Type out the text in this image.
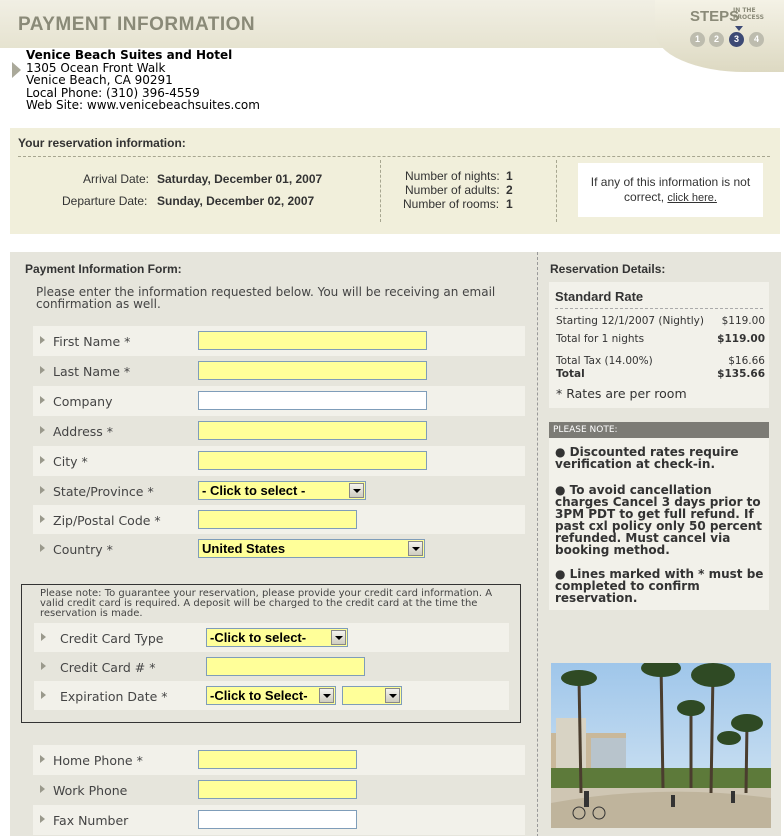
PAYMENT INFORMATION	STEPS
IN THE PROCESS
1	2	3	4
Venice Beach Suites and Hotel
1305 Ocean Front Walk
Venice Beach, CA 90291
Local Phone: (310) 396-4559
Web Site: www.venicebeachsuites.com
Your reservation information:
Arrival Date: Saturday, December 01, 2007
Departure Date: Sunday, December 02, 2007
Number of nights: 1
Number of adults: 2
Number of rooms: 1
If any of this information is not correct, click here.
Payment Information Form:
Please enter the information requested below. You will be receiving an email confirmation as well.
First Name *
Last Name *
Company
Address *
City *
State/Province *	- Click to select -
Zip/Postal Code *
Country *	United States
Please note: To guarantee your reservation, please provide your credit card information. A valid credit card is required. A deposit will be charged to the credit card at the time the reservation is made.
Credit Card Type	-Click to select-
Credit Card # *
Expiration Date *	-Click to Select-
Home Phone *
Work Phone
Fax Number
Reservation Details:
Standard Rate
Starting 12/1/2007 (Nightly) $119.00
Total for 1 nights	$119.00
Total Tax (14.00%)	$16.66
Total	$135.66
* Rates are per room
PLEASE NOTE:
● Discounted rates require verification at check-in.
● To avoid cancellation charges Cancel 3 days prior to 3PM PDT to get full refund. If past cxl policy only 50 percent refunded. Must cancel via booking method.
● Lines marked with * must be completed to confirm reservation.
